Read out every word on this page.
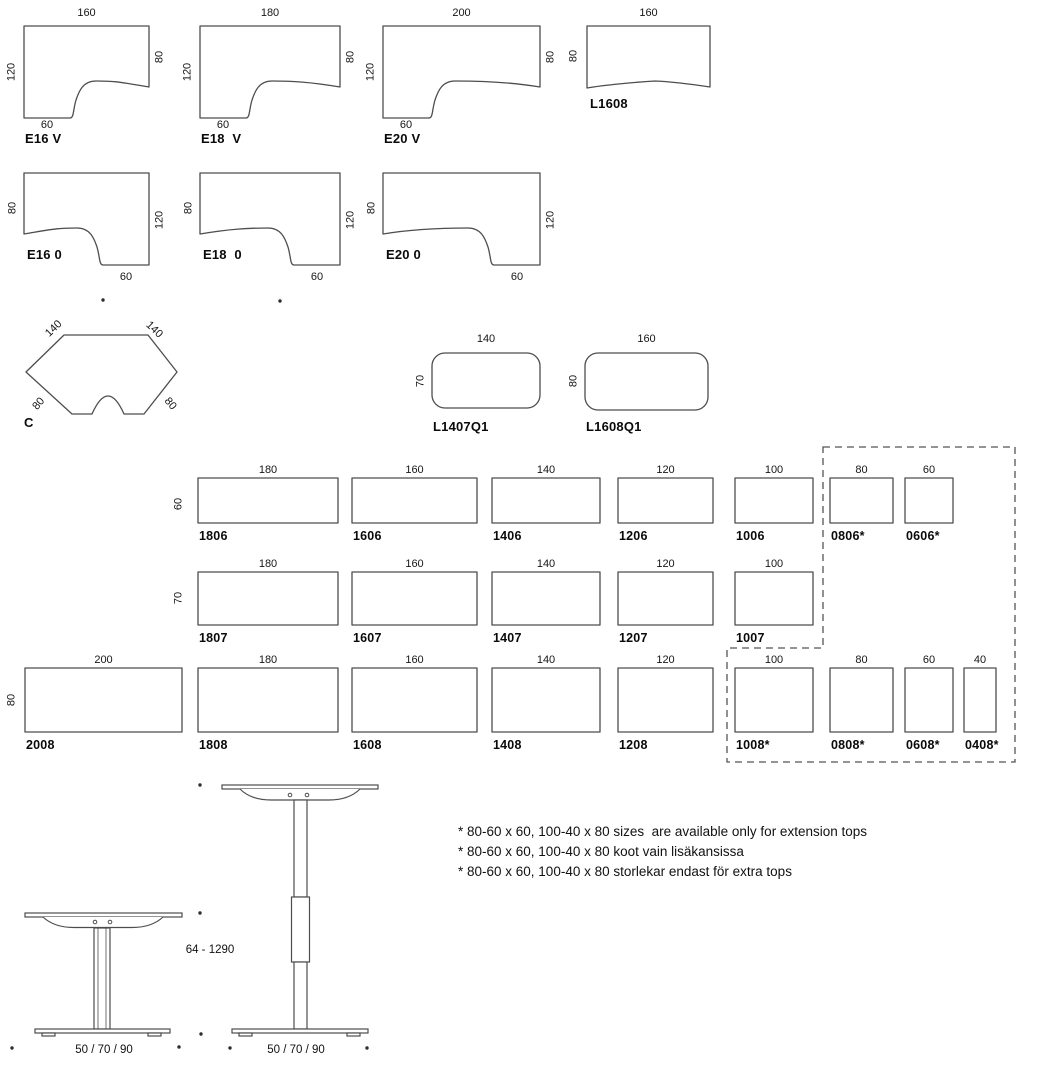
160
120
80
60
E16 V
180
120
80
60
E18  V
200
120
80
60
E20 V
80
120
60
E16 0
80
120
60
E18  0
80
120
60
E20 0
160
80
L1608
140	140
80	80
C
140
70
L1407Q1
160
80
L1608Q1
60
180
1806
160
1606
140
1406
120
1206
100
1006
80
0806*
60
0606*
70
180
1807
160
1607
140
1407
120
1207
100
1007
80
200
2008
180
1808
160
1608
140
1408
120
1208
100
1008*
80
0808*
60
0608*
40
0408*
* 80-60 x 60, 100-40 x 80 sizes  are available only for extension tops
* 80-60 x 60, 100-40 x 80 koot vain lisäkansissa
* 80-60 x 60, 100-40 x 80 storlekar endast för extra tops
64 - 1290
50 / 70 / 90	50 / 70 / 90
